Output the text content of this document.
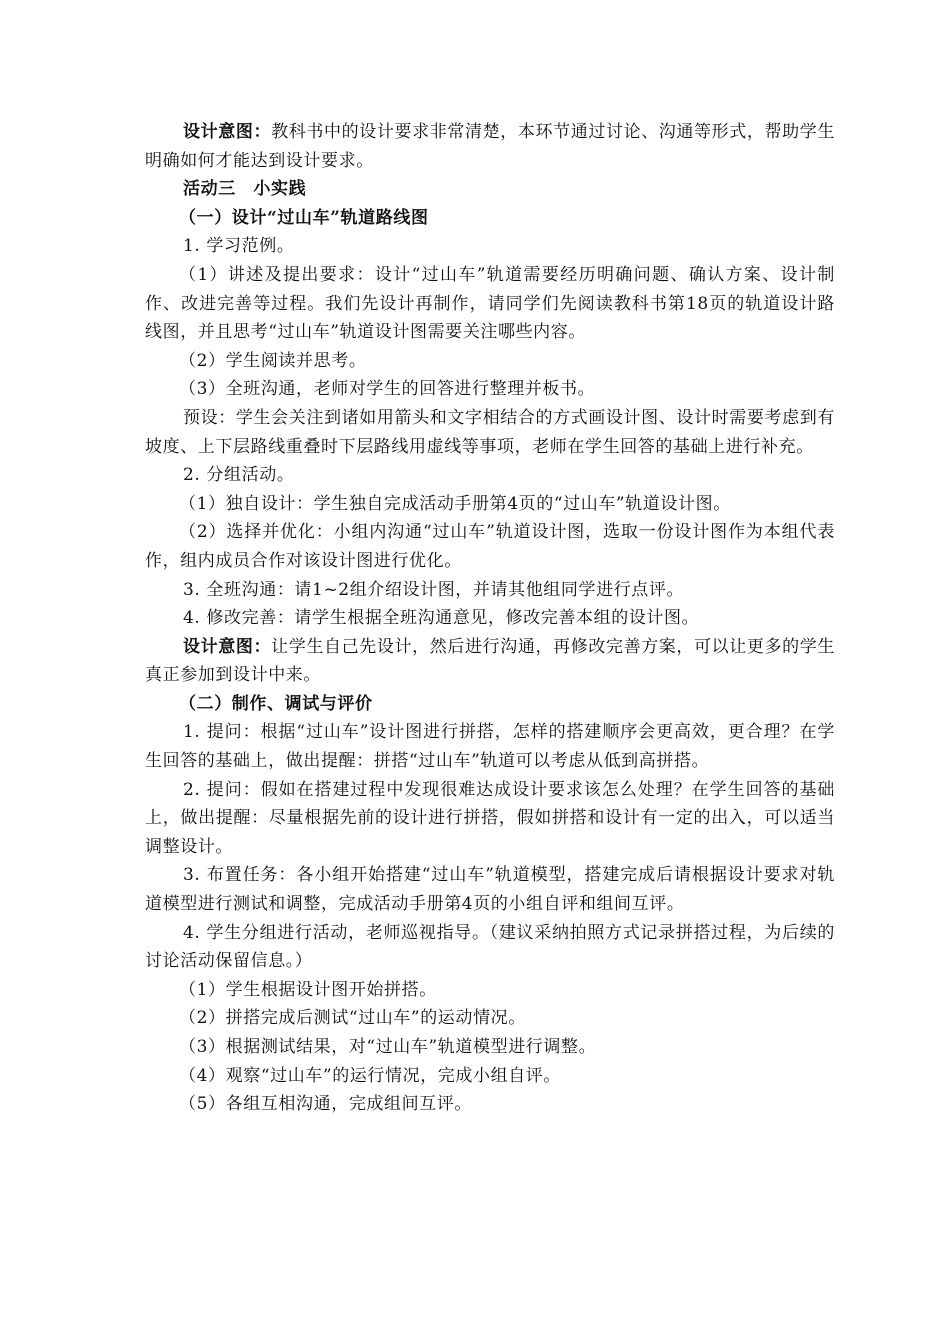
设计意图：教科书中的设计要求非常清楚，本环节通过讨论、沟通等形式，帮助学生明确如何才能达到设计要求。

活动三　小实践

（一）设计“过山车”轨道路线图

1. 学习范例。

（1）讲述及提出要求：设计“过山车”轨道需要经历明确问题、确认方案、设计制作、改进完善等过程。我们先设计再制作，请同学们先阅读教科书第18页的轨道设计路线图，并且思考“过山车”轨道设计图需要关注哪些内容。

（2）学生阅读并思考。

（3）全班沟通，老师对学生的回答进行整理并板书。

预设：学生会关注到诸如用箭头和文字相结合的方式画设计图、设计时需要考虑到有坡度、上下层路线重叠时下层路线用虚线等事项，老师在学生回答的基础上进行补充。

2. 分组活动。

（1）独自设计：学生独自完成活动手册第4页的“过山车”轨道设计图。

（2）选择并优化：小组内沟通“过山车”轨道设计图，选取一份设计图作为本组代表作，组内成员合作对该设计图进行优化。

3. 全班沟通：请1~2组介绍设计图，并请其他组同学进行点评。

4. 修改完善：请学生根据全班沟通意见，修改完善本组的设计图。

设计意图：让学生自己先设计，然后进行沟通，再修改完善方案，可以让更多的学生真正参加到设计中来。

（二）制作、调试与评价

1. 提问：根据“过山车”设计图进行拼搭，怎样的搭建顺序会更高效，更合理？在学生回答的基础上，做出提醒：拼搭“过山车”轨道可以考虑从低到高拼搭。

2. 提问：假如在搭建过程中发现很难达成设计要求该怎么处理？在学生回答的基础上，做出提醒：尽量根据先前的设计进行拼搭，假如拼搭和设计有一定的出入，可以适当调整设计。

3. 布置任务：各小组开始搭建“过山车”轨道模型，搭建完成后请根据设计要求对轨道模型进行测试和调整，完成活动手册第4页的小组自评和组间互评。

4. 学生分组进行活动，老师巡视指导。（建议采纳拍照方式记录拼搭过程，为后续的讨论活动保留信息。）

（1）学生根据设计图开始拼搭。

（2）拼搭完成后测试“过山车”的运动情况。

（3）根据测试结果，对“过山车”轨道模型进行调整。

（4）观察“过山车”的运行情况，完成小组自评。

（5）各组互相沟通，完成组间互评。
